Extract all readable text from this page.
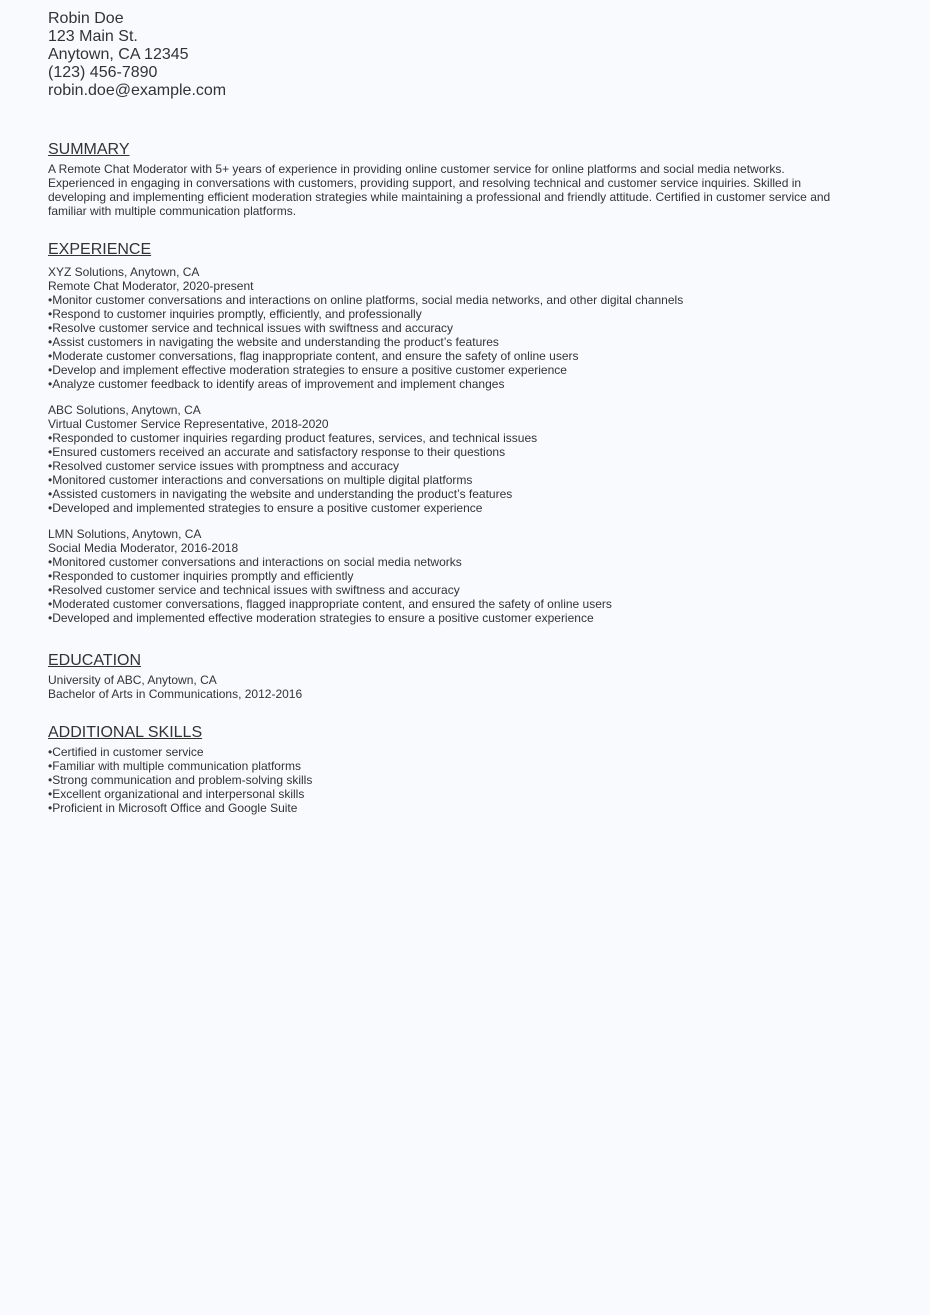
Robin Doe
123 Main St.
Anytown, CA 12345
(123) 456-7890
robin.doe@example.com
SUMMARY

A Remote Chat Moderator with 5+ years of experience in providing online customer service for online platforms and social media networks. Experienced in engaging in conversations with customers, providing support, and resolving technical and customer service inquiries. Skilled in developing and implementing efficient moderation strategies while maintaining a professional and friendly attitude. Certified in customer service and familiar with multiple communication platforms.

EXPERIENCE
XYZ Solutions, Anytown, CA
Remote Chat Moderator, 2020-present
• Monitor customer conversations and interactions on online platforms, social media networks, and other digital channels
• Respond to customer inquiries promptly, efficiently, and professionally
• Resolve customer service and technical issues with swiftness and accuracy
• Assist customers in navigating the website and understanding the product’s features
• Moderate customer conversations, flag inappropriate content, and ensure the safety of online users
• Develop and implement effective moderation strategies to ensure a positive customer experience
• Analyze customer feedback to identify areas of improvement and implement changes
ABC Solutions, Anytown, CA
Virtual Customer Service Representative, 2018-2020
• Responded to customer inquiries regarding product features, services, and technical issues
• Ensured customers received an accurate and satisfactory response to their questions
• Resolved customer service issues with promptness and accuracy
• Monitored customer interactions and conversations on multiple digital platforms
• Assisted customers in navigating the website and understanding the product’s features
• Developed and implemented strategies to ensure a positive customer experience
LMN Solutions, Anytown, CA
Social Media Moderator, 2016-2018
• Monitored customer conversations and interactions on social media networks
• Responded to customer inquiries promptly and efficiently
• Resolved customer service and technical issues with swiftness and accuracy
• Moderated customer conversations, flagged inappropriate content, and ensured the safety of online users
• Developed and implemented effective moderation strategies to ensure a positive customer experience
EDUCATION
University of ABC, Anytown, CA
Bachelor of Arts in Communications, 2012-2016
ADDITIONAL SKILLS
• Certified in customer service
• Familiar with multiple communication platforms
• Strong communication and problem-solving skills
• Excellent organizational and interpersonal skills
• Proficient in Microsoft Office and Google Suite
